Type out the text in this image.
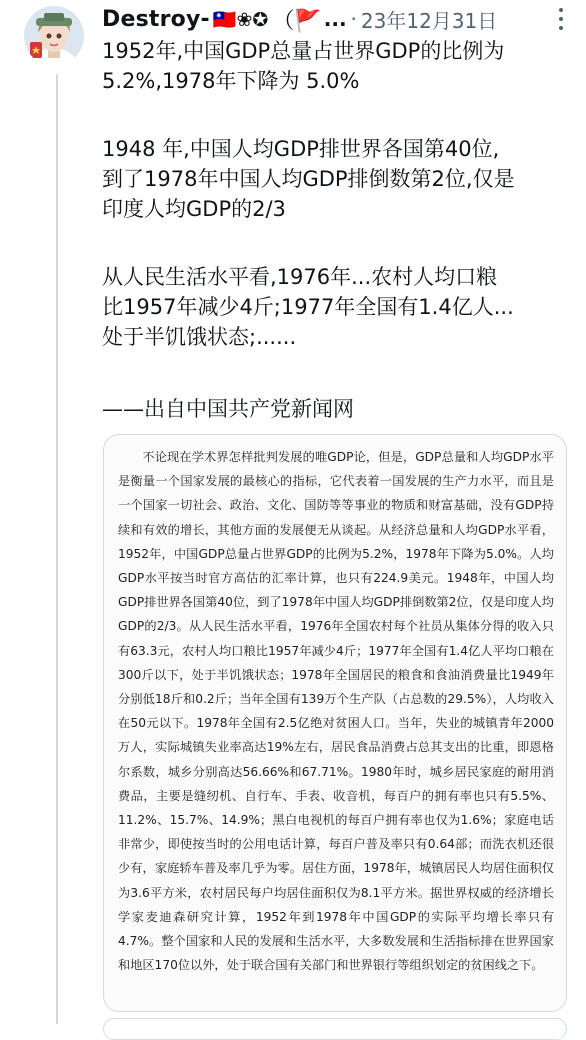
Destroy- 🇹🇼❀✪ （🚩 ... · 23年12月31日
1952年,中国GDP总量占世界GDP的比例为
5.2%,1978年下降为 5.0%
1948 年,中国人均GDP排世界各国第40位,
到了1978年中国人均GDP排倒数第2位,仅是
印度人均GDP的2/3
从人民生活水平看,1976年...农村人均口粮
比1957年减少4斤;1977年全国有1.4亿人...
处于半饥饿状态;......
——出自中国共产党新闻网
不论现在学术界怎样批判发展的唯GDP论，但是，GDP总量和人均GDP水平是衡量一个国家发展的最核心的指标，它代表着一国发展的生产力水平，而且是一个国家一切社会、政治、文化、国防等等事业的物质和财富基础，没有GDP持续和有效的增长，其他方面的发展便无从谈起。从经济总量和人均GDP水平看，1952年，中国GDP总量占世界GDP的比例为5.2%，1978年下降为5.0%。人均GDP水平按当时官方高估的汇率计算，也只有224.9美元。1948年，中国人均GDP排世界各国第40位，到了1978年中国人均GDP排倒数第2位，仅是印度人均GDP的2/3。从人民生活水平看，1976年全国农村每个社员从集体分得的收入只有63.3元，农村人均口粮比1957年减少4斤；1977年全国有1.4亿人平均口粮在300斤以下，处于半饥饿状态；1978年全国居民的粮食和食油消费量比1949年分别低18斤和0.2斤；当年全国有139万个生产队（占总数的29.5%），人均收入在50元以下。1978年全国有2.5亿绝对贫困人口。当年，失业的城镇青年2000万人，实际城镇失业率高达19%左右，居民食品消费占总其支出的比重，即恩格尔系数，城乡分别高达56.66%和67.71%。1980年时，城乡居民家庭的耐用消费品，主要是缝纫机、自行车、手表、收音机，每百户的拥有率也只有5.5%、11.2%、15.7%、14.9%；黑白电视机的每百户拥有率也仅为1.6%；家庭电话非常少，即使按当时的公用电话计算，每百户普及率只有0.64部；而洗衣机还很少有，家庭轿车普及率几乎为零。居住方面，1978年，城镇居民人均居住面积仅为3.6平方米，农村居民每户均居住面积仅为8.1平方米。据世界权威的经济增长学家麦迪森研究计算，1952年到1978年中国GDP的实际平均增长率只有4.7%。整个国家和人民的发展和生活水平，大多数发展和生活指标排在世界国家和地区170位以外，处于联合国有关部门和世界银行等组织划定的贫困线之下。
